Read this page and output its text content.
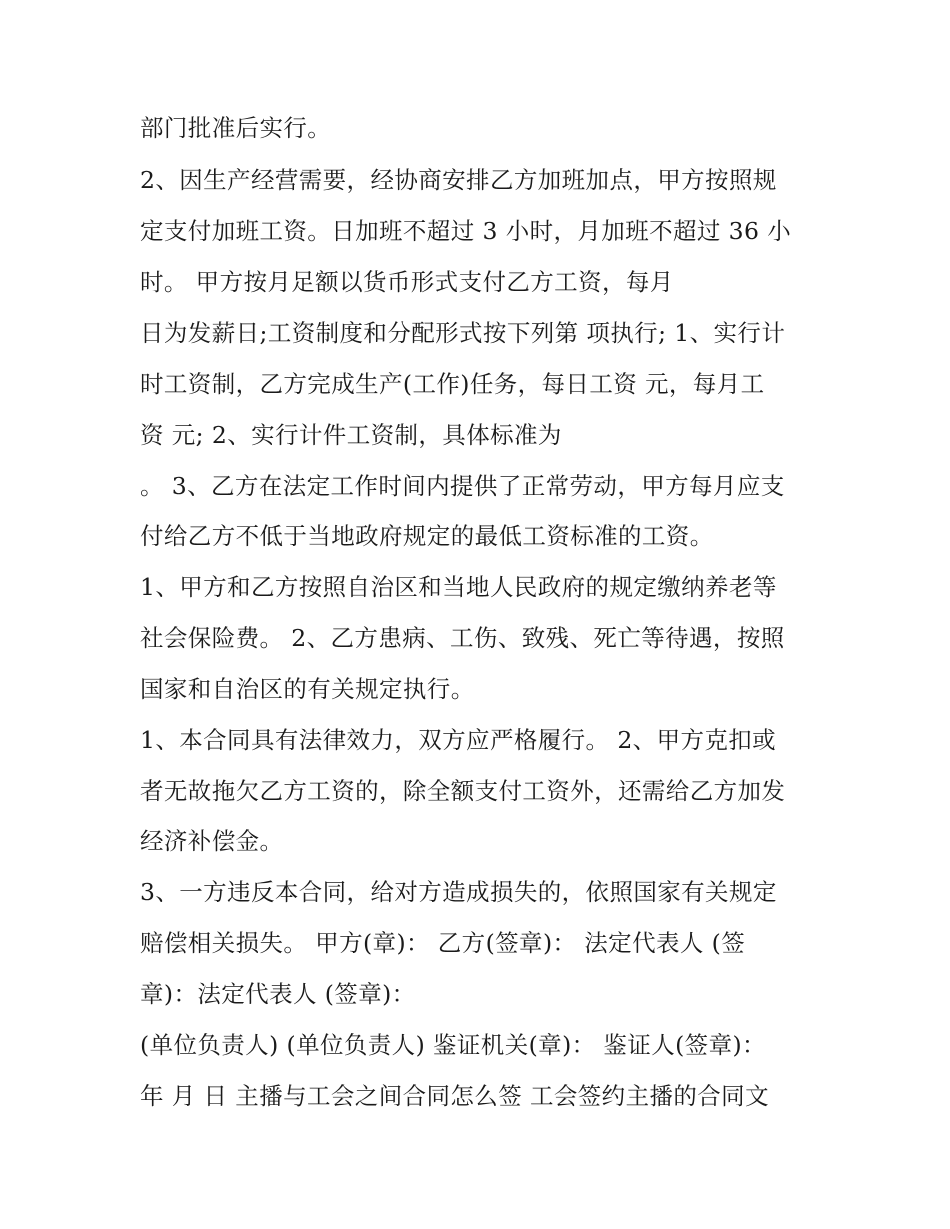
部门批准后实行。
2、因生产经营需要，经协商安排乙方加班加点，甲方按照规
定支付加班工资。日加班不超过 3 小时，月加班不超过 36 小
时。 甲方按月足额以货币形式支付乙方工资，每月
日为发薪日;工资制度和分配形式按下列第 项执行; 1、实行计
时工资制，乙方完成生产(工作)任务，每日工资 元，每月工
资 元; 2、实行计件工资制，具体标准为
。 3、乙方在法定工作时间内提供了正常劳动，甲方每月应支
付给乙方不低于当地政府规定的最低工资标准的工资。
1、甲方和乙方按照自治区和当地人民政府的规定缴纳养老等
社会保险费。 2、乙方患病、工伤、致残、死亡等待遇，按照
国家和自治区的有关规定执行。
1、本合同具有法律效力，双方应严格履行。 2、甲方克扣或
者无故拖欠乙方工资的，除全额支付工资外，还需给乙方加发
经济补偿金。
3、一方违反本合同，给对方造成损失的，依照国家有关规定
赔偿相关损失。 甲方(章)： 乙方(签章)： 法定代表人 (签
章)：法定代表人 (签章)：
(单位负责人) (单位负责人) 鉴证机关(章)： 鉴证人(签章)：
年 月 日 主播与工会之间合同怎么签 工会签约主播的合同文
